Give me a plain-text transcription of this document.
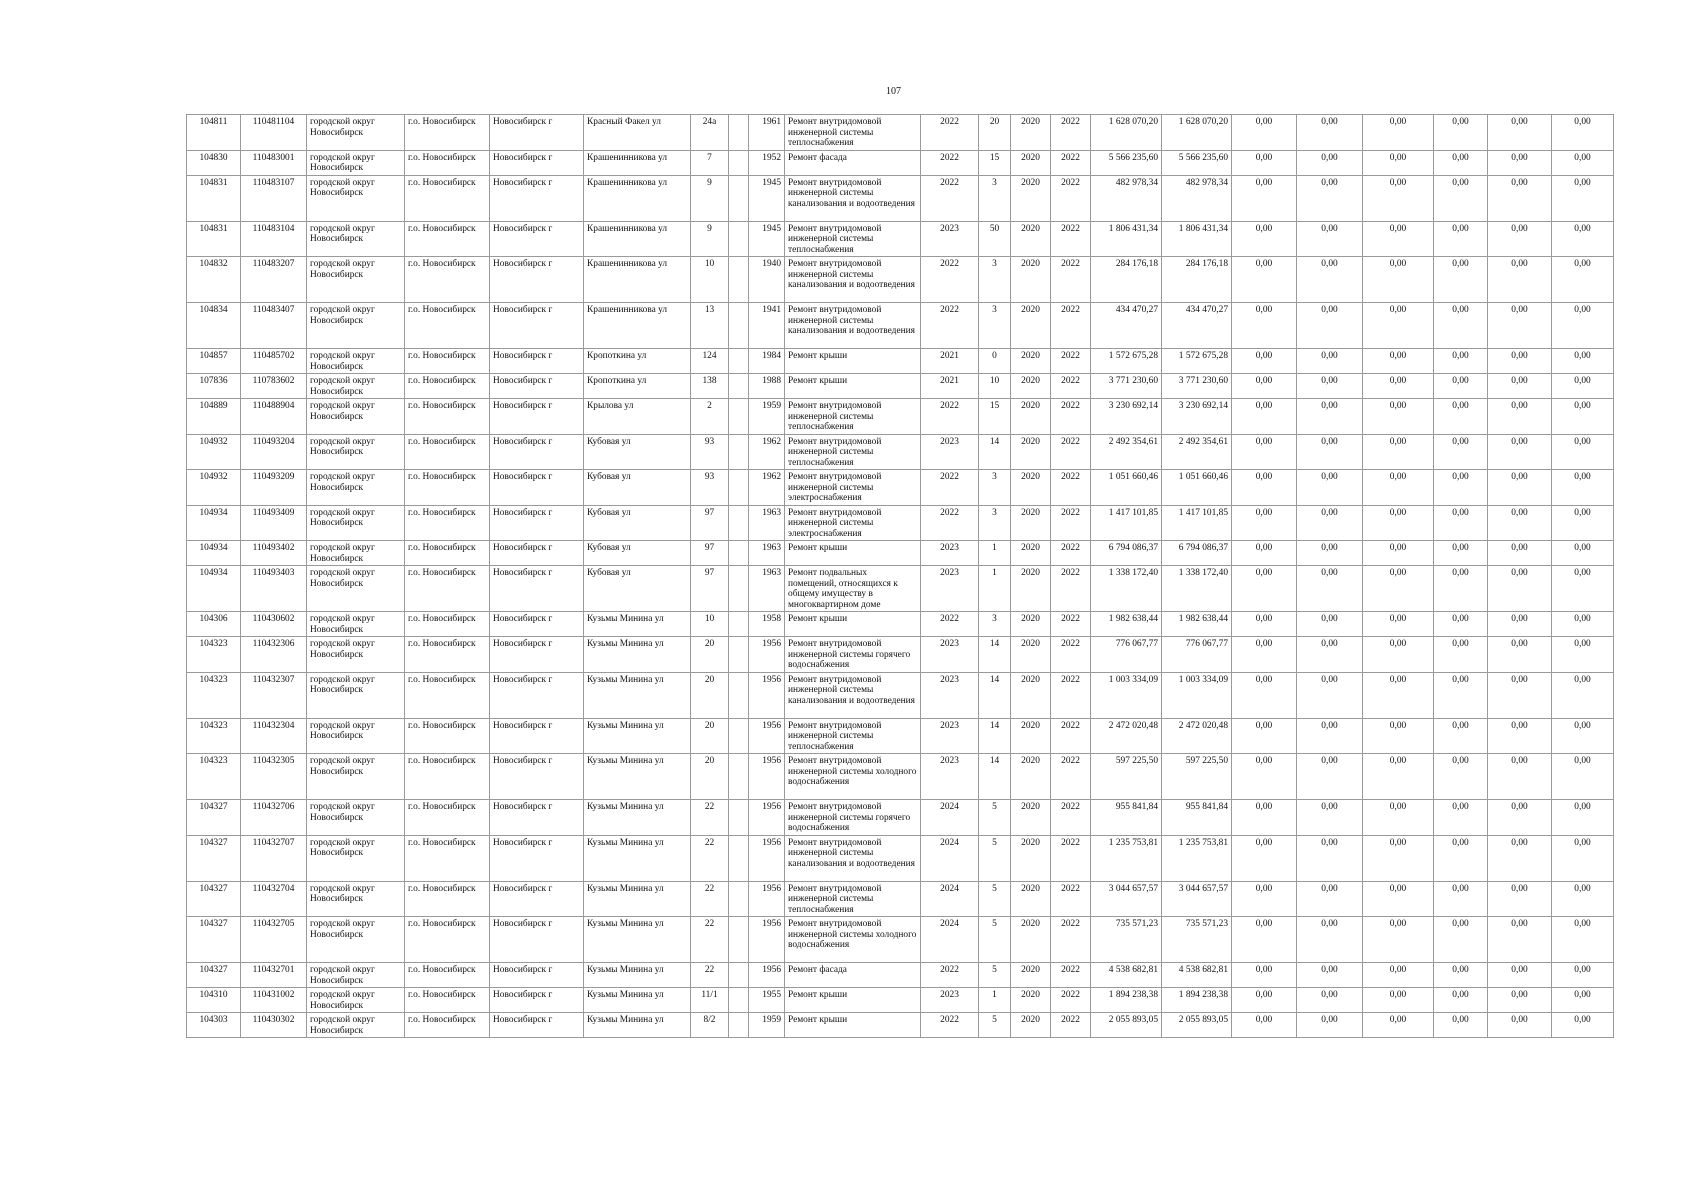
107
104811	110481104	городской округ Новосибирск	г.о. Новосибирск	Новосибирск г	Красный Факел ул	24а		1961	Ремонт внутридомовой инженерной системы теплоснабжения	2022	20	2020	2022	1 628 070,20	1 628 070,20	0,00	0,00	0,00	0,00	0,00	0,00
104830	110483001	городской округ Новосибирск	г.о. Новосибирск	Новосибирск г	Крашенинникова ул	7		1952	Ремонт фасада	2022	15	2020	2022	5 566 235,60	5 566 235,60	0,00	0,00	0,00	0,00	0,00	0,00
104831	110483107	городской округ Новосибирск	г.о. Новосибирск	Новосибирск г	Крашенинникова ул	9		1945	Ремонт внутридомовой инженерной системы канализования и водоотведения	2022	3	2020	2022	482 978,34	482 978,34	0,00	0,00	0,00	0,00	0,00	0,00
104831	110483104	городской округ Новосибирск	г.о. Новосибирск	Новосибирск г	Крашенинникова ул	9		1945	Ремонт внутридомовой инженерной системы теплоснабжения	2023	50	2020	2022	1 806 431,34	1 806 431,34	0,00	0,00	0,00	0,00	0,00	0,00
104832	110483207	городской округ Новосибирск	г.о. Новосибирск	Новосибирск г	Крашенинникова ул	10		1940	Ремонт внутридомовой инженерной системы канализования и водоотведения	2022	3	2020	2022	284 176,18	284 176,18	0,00	0,00	0,00	0,00	0,00	0,00
104834	110483407	городской округ Новосибирск	г.о. Новосибирск	Новосибирск г	Крашенинникова ул	13		1941	Ремонт внутридомовой инженерной системы канализования и водоотведения	2022	3	2020	2022	434 470,27	434 470,27	0,00	0,00	0,00	0,00	0,00	0,00
104857	110485702	городской округ Новосибирск	г.о. Новосибирск	Новосибирск г	Кропоткина ул	124		1984	Ремонт крыши	2021	0	2020	2022	1 572 675,28	1 572 675,28	0,00	0,00	0,00	0,00	0,00	0,00
107836	110783602	городской округ Новосибирск	г.о. Новосибирск	Новосибирск г	Кропоткина ул	138		1988	Ремонт крыши	2021	10	2020	2022	3 771 230,60	3 771 230,60	0,00	0,00	0,00	0,00	0,00	0,00
104889	110488904	городской округ Новосибирск	г.о. Новосибирск	Новосибирск г	Крылова ул	2		1959	Ремонт внутридомовой инженерной системы теплоснабжения	2022	15	2020	2022	3 230 692,14	3 230 692,14	0,00	0,00	0,00	0,00	0,00	0,00
104932	110493204	городской округ Новосибирск	г.о. Новосибирск	Новосибирск г	Кубовая ул	93		1962	Ремонт внутридомовой инженерной системы теплоснабжения	2023	14	2020	2022	2 492 354,61	2 492 354,61	0,00	0,00	0,00	0,00	0,00	0,00
104932	110493209	городской округ Новосибирск	г.о. Новосибирск	Новосибирск г	Кубовая ул	93		1962	Ремонт внутридомовой инженерной системы электроснабжения	2022	3	2020	2022	1 051 660,46	1 051 660,46	0,00	0,00	0,00	0,00	0,00	0,00
104934	110493409	городской округ Новосибирск	г.о. Новосибирск	Новосибирск г	Кубовая ул	97		1963	Ремонт внутридомовой инженерной системы электроснабжения	2022	3	2020	2022	1 417 101,85	1 417 101,85	0,00	0,00	0,00	0,00	0,00	0,00
104934	110493402	городской округ Новосибирск	г.о. Новосибирск	Новосибирск г	Кубовая ул	97		1963	Ремонт крыши	2023	1	2020	2022	6 794 086,37	6 794 086,37	0,00	0,00	0,00	0,00	0,00	0,00
104934	110493403	городской округ Новосибирск	г.о. Новосибирск	Новосибирск г	Кубовая ул	97		1963	Ремонт подвальных помещений, относящихся к общему имуществу в многоквартирном доме	2023	1	2020	2022	1 338 172,40	1 338 172,40	0,00	0,00	0,00	0,00	0,00	0,00
104306	110430602	городской округ Новосибирск	г.о. Новосибирск	Новосибирск г	Кузьмы Минина ул	10		1958	Ремонт крыши	2022	3	2020	2022	1 982 638,44	1 982 638,44	0,00	0,00	0,00	0,00	0,00	0,00
104323	110432306	городской округ Новосибирск	г.о. Новосибирск	Новосибирск г	Кузьмы Минина ул	20		1956	Ремонт внутридомовой инженерной системы горячего водоснабжения	2023	14	2020	2022	776 067,77	776 067,77	0,00	0,00	0,00	0,00	0,00	0,00
104323	110432307	городской округ Новосибирск	г.о. Новосибирск	Новосибирск г	Кузьмы Минина ул	20		1956	Ремонт внутридомовой инженерной системы канализования и водоотведения	2023	14	2020	2022	1 003 334,09	1 003 334,09	0,00	0,00	0,00	0,00	0,00	0,00
104323	110432304	городской округ Новосибирск	г.о. Новосибирск	Новосибирск г	Кузьмы Минина ул	20		1956	Ремонт внутридомовой инженерной системы теплоснабжения	2023	14	2020	2022	2 472 020,48	2 472 020,48	0,00	0,00	0,00	0,00	0,00	0,00
104323	110432305	городской округ Новосибирск	г.о. Новосибирск	Новосибирск г	Кузьмы Минина ул	20		1956	Ремонт внутридомовой инженерной системы холодного водоснабжения	2023	14	2020	2022	597 225,50	597 225,50	0,00	0,00	0,00	0,00	0,00	0,00
104327	110432706	городской округ Новосибирск	г.о. Новосибирск	Новосибирск г	Кузьмы Минина ул	22		1956	Ремонт внутридомовой инженерной системы горячего водоснабжения	2024	5	2020	2022	955 841,84	955 841,84	0,00	0,00	0,00	0,00	0,00	0,00
104327	110432707	городской округ Новосибирск	г.о. Новосибирск	Новосибирск г	Кузьмы Минина ул	22		1956	Ремонт внутридомовой инженерной системы канализования и водоотведения	2024	5	2020	2022	1 235 753,81	1 235 753,81	0,00	0,00	0,00	0,00	0,00	0,00
104327	110432704	городской округ Новосибирск	г.о. Новосибирск	Новосибирск г	Кузьмы Минина ул	22		1956	Ремонт внутридомовой инженерной системы теплоснабжения	2024	5	2020	2022	3 044 657,57	3 044 657,57	0,00	0,00	0,00	0,00	0,00	0,00
104327	110432705	городской округ Новосибирск	г.о. Новосибирск	Новосибирск г	Кузьмы Минина ул	22		1956	Ремонт внутридомовой инженерной системы холодного водоснабжения	2024	5	2020	2022	735 571,23	735 571,23	0,00	0,00	0,00	0,00	0,00	0,00
104327	110432701	городской округ Новосибирск	г.о. Новосибирск	Новосибирск г	Кузьмы Минина ул	22		1956	Ремонт фасада	2022	5	2020	2022	4 538 682,81	4 538 682,81	0,00	0,00	0,00	0,00	0,00	0,00
104310	110431002	городской округ Новосибирск	г.о. Новосибирск	Новосибирск г	Кузьмы Минина ул	11/1		1955	Ремонт крыши	2023	1	2020	2022	1 894 238,38	1 894 238,38	0,00	0,00	0,00	0,00	0,00	0,00
104303	110430302	городской округ Новосибирск	г.о. Новосибирск	Новосибирск г	Кузьмы Минина ул	8/2		1959	Ремонт крыши	2022	5	2020	2022	2 055 893,05	2 055 893,05	0,00	0,00	0,00	0,00	0,00	0,00
